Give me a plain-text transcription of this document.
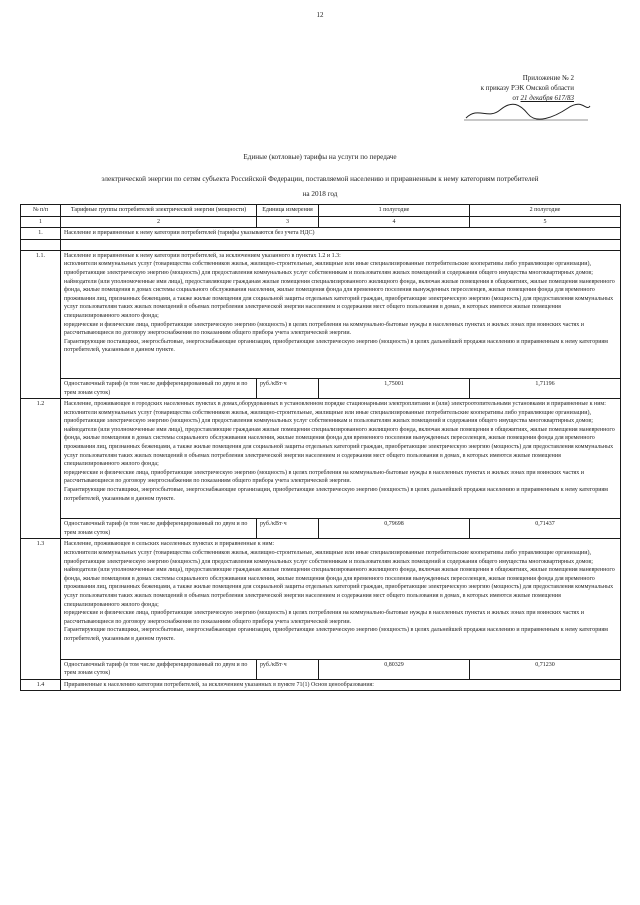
12
Приложение № 2
к приказу РЭК Омской области
от 21 декабря 617/83
Единые (котловые) тарифы на услуги по передаче
электрической энергии по сетям субъекта Российской Федерации, поставляемой населению и приравненным к нему категориям потребителей
на 2018 год
№ п/п	Тарифные группы потребителей электрической энергии (мощности)	Единица измерения	1 полугодие	2 полугодие
1	2	3	4	5
1.	Население и приравненные к нему категории потребителей (тарифы указываются без учета НДС)			

1.1.	Население и приравненные к нему категории потребителей, за исключением указанного в пунктах 1.2 и 1.3:

исполнители коммунальных услуг (товарищества собственников жилья, жилищно-строительные, жилищные или иные специализированные потребительские кооперативы либо управляющие организации), приобретающие электрическую энергию (мощность) для предоставления коммунальных услуг собственникам и пользователям жилых помещений и содержания общего имущества многоквартирных домов; наймодатели (или уполномоченные ими лица), предоставляющие гражданам жилые помещения специализированного жилищного фонда, включая жилые помещения в общежитиях, жилые помещения маневренного фонда, жилые помещения в домах системы социального обслуживания населения, жилые помещения фонда для временного поселения вынужденных переселенцев, жилые помещения фонда для временного проживания лиц, признанных беженцами, а также жилые помещения для социальной защиты отдельных категорий граждан, приобретающие электрическую энергию (мощность) для предоставления коммунальных услуг пользователям таких жилых помещений в объемах потребления электрической энергии населением и содержания мест общего пользования в домах, в которых имеются жилые помещения специализированного жилого фонда;

юридические и физические лица, приобретающие электрическую энергию (мощность) в целях потребления на коммунально-бытовые нужды в населенных пунктах и жилых зонах при воинских частях и рассчитывающиеся по договору энергоснабжения по показаниям общего прибора учета электрической энергии.

Гарантирующие поставщики, энергосбытовые, энергоснабжающие организации, приобретающие электрическую энергию (мощность) в целях дальнейшей продажи населению и приравненным к нему категориям потребителей, указанным в данном пункте.			

	Одноставочный тариф (в том числе дифференцированный по двум и по трем зонам суток)	руб./кВт·ч	1,75001	1,71196
1.2	Население, проживающее в городских населенных пунктах в домах,оборудованных в установленном порядке стационарными электроплитами и (или) электроотопительными установками и приравненные к ним:

исполнители коммунальных услуг (товарищества собственников жилья, жилищно-строительные, жилищные или иные специализированные потребительские кооперативы либо управляющие организации), приобретающие электрическую энергию (мощность) для предоставления коммунальных услуг собственникам и пользователям жилых помещений и содержания общего имущества многоквартирных домов; наймодатели (или уполномоченные ими лица), предоставляющие гражданам жилые помещения специализированного жилищного фонда, включая жилые помещения в общежитиях, жилые помещения маневренного фонда, жилые помещения в домах системы социального обслуживания населения, жилые помещения фонда для временного поселения вынужденных переселенцев, жилые помещения фонда для временного проживания лиц, признанных беженцами, а также жилые помещения для социальной защиты отдельных категорий граждан, приобретающие электрическую энергию (мощность) для предоставления коммунальных услуг пользователям таких жилых помещений в объемах потребления электрической энергии населением и содержания мест общего пользования в домах, в которых имеются жилые помещения специализированного жилого фонда;

юридические и физические лица, приобретающие электрическую энергию (мощность) в целях потребления на коммунально-бытовые нужды в населенных пунктах и жилых зонах при воинских частях и рассчитывающиеся по договору энергоснабжения по показаниям общего прибора учета электрической энергии.

Гарантирующие поставщики, энергосбытовые, энергоснабжающие организации, приобретающие электрическую энергию (мощность) в целях дальнейшей продажи населению и приравненным к нему категориям потребителей, указанным в данном пункте.			

	Одноставочный тариф (в том числе дифференцированный по двум и по трем зонам суток)	руб./кВт·ч	0,79698	0,71437
1.3	Население, проживающее в сельских населенных пунктах и приравненные к ним:

исполнители коммунальных услуг (товарищества собственников жилья, жилищно-строительные, жилищные или иные специализированные потребительские кооперативы либо управляющие организации), приобретающие электрическую энергию (мощность) для предоставления коммунальных услуг собственникам и пользователям жилых помещений и содержания общего имущества многоквартирных домов; наймодатели (или уполномоченные ими лица), предоставляющие гражданам жилые помещения специализированного жилищного фонда, включая жилые помещения в общежитиях, жилые помещения маневренного фонда, жилые помещения в домах системы социального обслуживания населения, жилые помещения фонда для временного поселения вынужденных переселенцев, жилые помещения фонда для временного проживания лиц, признанных беженцами, а также жилые помещения для социальной защиты отдельных категорий граждан, приобретающие электрическую энергию (мощность) для предоставления коммунальных услуг пользователям таких жилых помещений в объемах потребления электрической энергии населением и содержания мест общего пользования в домах, в которых имеются жилые помещения специализированного жилого фонда;

юридические и физические лица, приобретающие электрическую энергию (мощность) в целях потребления на коммунально-бытовые нужды в населенных пунктах и жилых зонах при воинских частях и рассчитывающиеся по договору энергоснабжения по показаниям общего прибора учета электрической энергии.

Гарантирующие поставщики, энергосбытовые, энергоснабжающие организации, приобретающие электрическую энергию (мощность) в целях дальнейшей продажи населению и приравненным к нему категориям потребителей, указанным в данном пункте.			

	Одноставочный тариф (в том числе дифференцированный по двум и по трем зонам суток)	руб./кВт·ч	0,80329	0,71230
1.4	Приравненные к населению категории потребителей, за исключением указанных в пункте 71(1) Основ ценообразования:			
